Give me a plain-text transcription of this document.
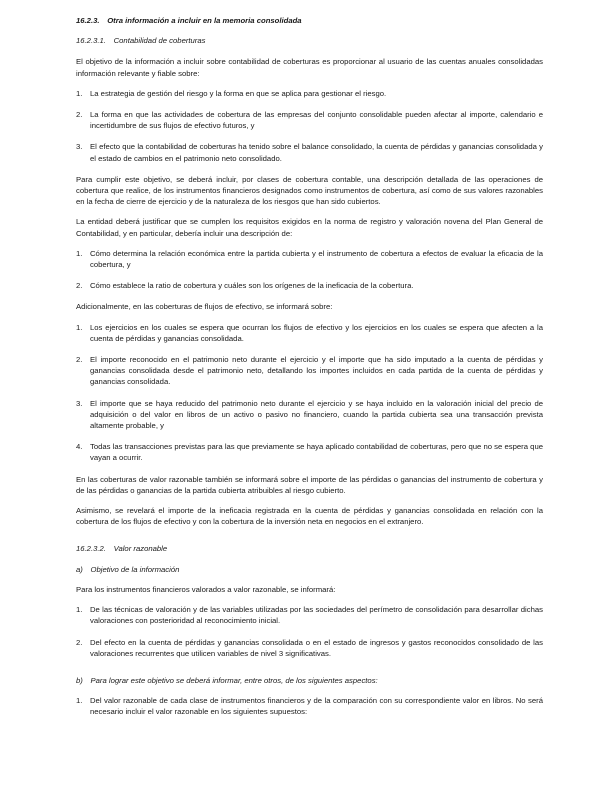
16.2.3. Otra información a incluir en la memoria consolidada
16.2.3.1. Contabilidad de coberturas
El objetivo de la información a incluir sobre contabilidad de coberturas es proporcionar al usuario de las cuentas anuales consolidadas información relevante y fiable sobre:
1. La estrategia de gestión del riesgo y la forma en que se aplica para gestionar el riesgo.
2. La forma en que las actividades de cobertura de las empresas del conjunto consolidable pueden afectar al importe, calendario e incertidumbre de sus flujos de efectivo futuros, y
3. El efecto que la contabilidad de coberturas ha tenido sobre el balance consolidado, la cuenta de pérdidas y ganancias consolidada y el estado de cambios en el patrimonio neto consolidado.
Para cumplir este objetivo, se deberá incluir, por clases de cobertura contable, una descripción detallada de las operaciones de cobertura que realice, de los instrumentos financieros designados como instrumentos de cobertura, así como de sus valores razonables en la fecha de cierre de ejercicio y de la naturaleza de los riesgos que han sido cubiertos.
La entidad deberá justificar que se cumplen los requisitos exigidos en la norma de registro y valoración novena del Plan General de Contabilidad, y en particular, debería incluir una descripción de:
1. Cómo determina la relación económica entre la partida cubierta y el instrumento de cobertura a efectos de evaluar la eficacia de la cobertura, y
2. Cómo establece la ratio de cobertura y cuáles son los orígenes de la ineficacia de la cobertura.
Adicionalmente, en las coberturas de flujos de efectivo, se informará sobre:
1. Los ejercicios en los cuales se espera que ocurran los flujos de efectivo y los ejercicios en los cuales se espera que afecten a la cuenta de pérdidas y ganancias consolidada.
2. El importe reconocido en el patrimonio neto durante el ejercicio y el importe que ha sido imputado a la cuenta de pérdidas y ganancias consolidada desde el patrimonio neto, detallando los importes incluidos en cada partida de la cuenta de pérdidas y ganancias consolidada.
3. El importe que se haya reducido del patrimonio neto durante el ejercicio y se haya incluido en la valoración inicial del precio de adquisición o del valor en libros de un activo o pasivo no financiero, cuando la partida cubierta sea una transacción prevista altamente probable, y
4. Todas las transacciones previstas para las que previamente se haya aplicado contabilidad de coberturas, pero que no se espera que vayan a ocurrir.
En las coberturas de valor razonable también se informará sobre el importe de las pérdidas o ganancias del instrumento de cobertura y de las pérdidas o ganancias de la partida cubierta atribuibles al riesgo cubierto.
Asimismo, se revelará el importe de la ineficacia registrada en la cuenta de pérdidas y ganancias consolidada en relación con la cobertura de los flujos de efectivo y con la cobertura de la inversión neta en negocios en el extranjero.
16.2.3.2. Valor razonable
a) Objetivo de la información
Para los instrumentos financieros valorados a valor razonable, se informará:
1. De las técnicas de valoración y de las variables utilizadas por las sociedades del perímetro de consolidación para desarrollar dichas valoraciones con posterioridad al reconocimiento inicial.
2. Del efecto en la cuenta de pérdidas y ganancias consolidada o en el estado de ingresos y gastos reconocidos consolidado de las valoraciones recurrentes que utilicen variables de nivel 3 significativas.
b) Para lograr este objetivo se deberá informar, entre otros, de los siguientes aspectos:
1. Del valor razonable de cada clase de instrumentos financieros y de la comparación con su correspondiente valor en libros. No será necesario incluir el valor razonable en los siguientes supuestos:
